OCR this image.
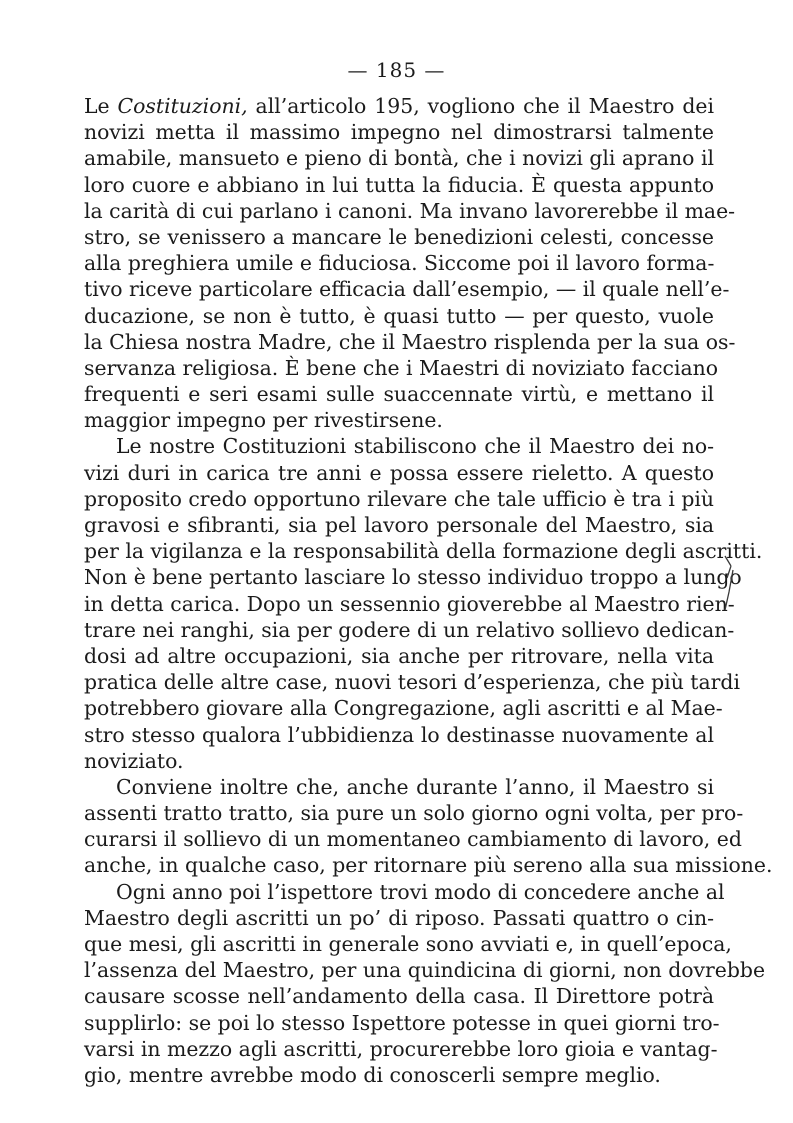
— 185 —
Le Costituzioni, all’articolo 195, vogliono che il Maestro dei
novizi metta il massimo impegno nel dimostrarsi talmente
amabile, mansueto e pieno di bontà, che i novizi gli aprano il
loro cuore e abbiano in lui tutta la fiducia. È questa appunto
la carità di cui parlano i canoni. Ma invano lavorerebbe il mae-
stro, se venissero a mancare le benedizioni celesti, concesse
alla preghiera umile e fiduciosa. Siccome poi il lavoro forma-
tivo riceve particolare efficacia dall’esempio, — il quale nell’e-
ducazione, se non è tutto, è quasi tutto — per questo, vuole
la Chiesa nostra Madre, che il Maestro risplenda per la sua os-
servanza religiosa. È bene che i Maestri di noviziato facciano
frequenti e seri esami sulle suaccennate virtù, e mettano il
maggior impegno per rivestirsene.
Le nostre Costituzioni stabiliscono che il Maestro dei no-
vizi duri in carica tre anni e possa essere rieletto. A questo
proposito credo opportuno rilevare che tale ufficio è tra i più
gravosi e sfibranti, sia pel lavoro personale del Maestro, sia
per la vigilanza e la responsabilità della formazione degli ascritti.
Non è bene pertanto lasciare lo stesso individuo troppo a lungo
in detta carica. Dopo un sessennio gioverebbe al Maestro rien-
trare nei ranghi, sia per godere di un relativo sollievo dedican-
dosi ad altre occupazioni, sia anche per ritrovare, nella vita
pratica delle altre case, nuovi tesori d’esperienza, che più tardi
potrebbero giovare alla Congregazione, agli ascritti e al Mae-
stro stesso qualora l’ubbidienza lo destinasse nuovamente al
noviziato.
Conviene inoltre che, anche durante l’anno, il Maestro si
assenti tratto tratto, sia pure un solo giorno ogni volta, per pro-
curarsi il sollievo di un momentaneo cambiamento di lavoro, ed
anche, in qualche caso, per ritornare più sereno alla sua missione.
Ogni anno poi l’ispettore trovi modo di concedere anche al
Maestro degli ascritti un po’ di riposo. Passati quattro o cin-
que mesi, gli ascritti in generale sono avviati e, in quell’epoca,
l’assenza del Maestro, per una quindicina di giorni, non dovrebbe
causare scosse nell’andamento della casa. Il Direttore potrà
supplirlo: se poi lo stesso Ispettore potesse in quei giorni tro-
varsi in mezzo agli ascritti, procurerebbe loro gioia e vantag-
gio, mentre avrebbe modo di conoscerli sempre meglio.
